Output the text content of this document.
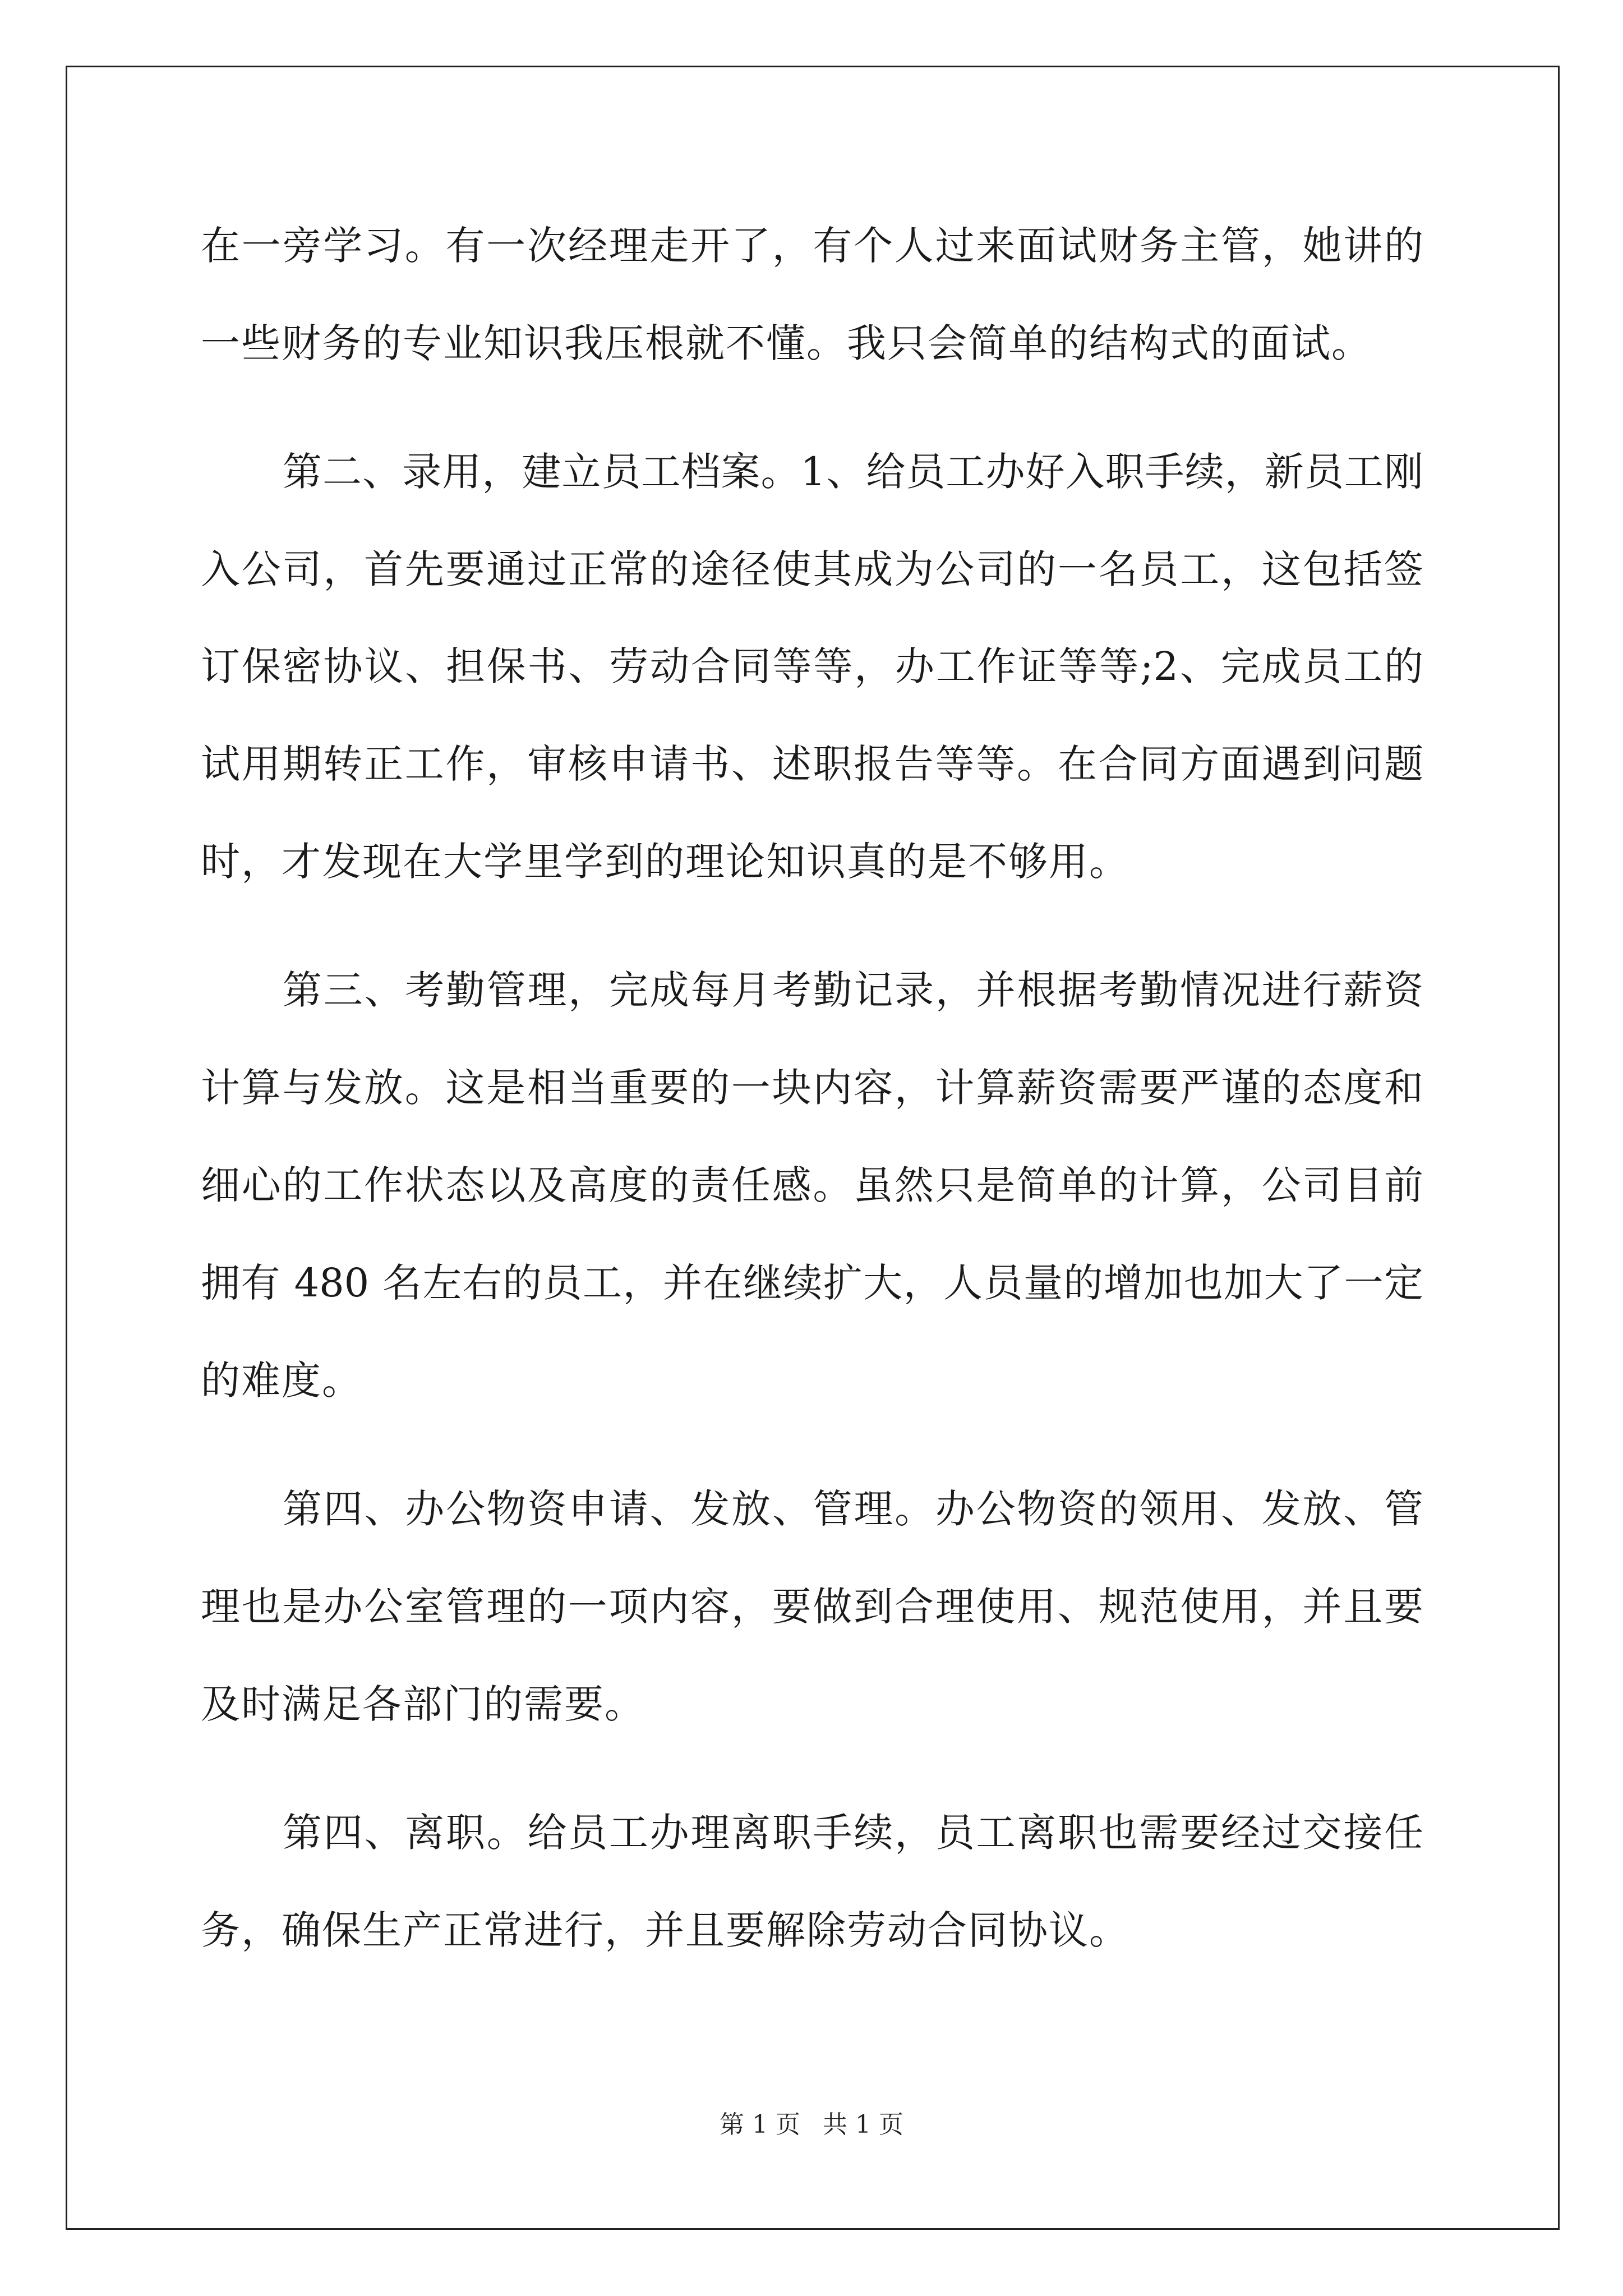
在一旁学习。有一次经理走开了，有个人过来面试财务主管，她讲的
一些财务的专业知识我压根就不懂。我只会简单的结构式的面试。
第二、录用，建立员工档案。1、给员工办好入职手续，新员工刚
入公司，首先要通过正常的途径使其成为公司的一名员工，这包括签
订保密协议、担保书、劳动合同等等，办工作证等等;2、完成员工的
试用期转正工作，审核申请书、述职报告等等。在合同方面遇到问题
时，才发现在大学里学到的理论知识真的是不够用。
第三、考勤管理，完成每月考勤记录，并根据考勤情况进行薪资
计算与发放。这是相当重要的一块内容，计算薪资需要严谨的态度和
细心的工作状态以及高度的责任感。虽然只是简单的计算，公司目前
拥有 480 名左右的员工，并在继续扩大，人员量的增加也加大了一定
的难度。
第四、办公物资申请、发放、管理。办公物资的领用、发放、管
理也是办公室管理的一项内容，要做到合理使用、规范使用，并且要
及时满足各部门的需要。
第四、离职。给员工办理离职手续，员工离职也需要经过交接任
务，确保生产正常进行，并且要解除劳动合同协议。
第 1 页 共 1 页
